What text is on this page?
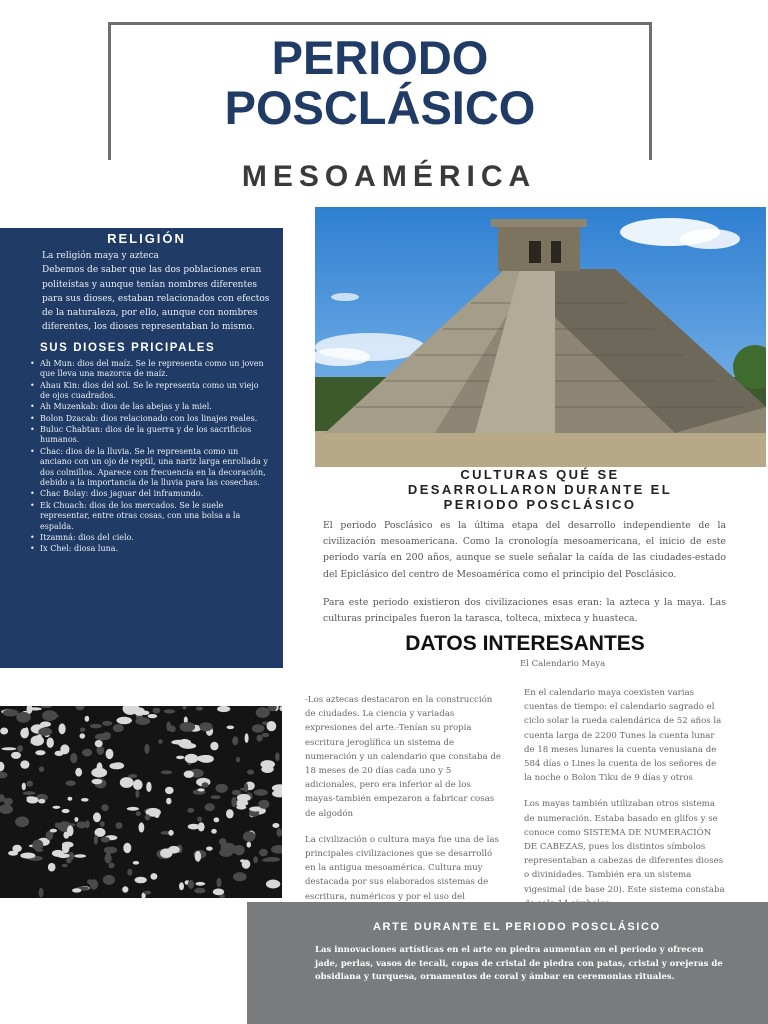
PERIODO
POSCLÁSICO
MESOAMÉRICA
RELIGIÓN
La religión maya y azteca
Debemos de saber que las dos poblaciones eran politeístas y aunque tenían nombres diferentes para sus dioses, estaban relacionados con efectos de la naturaleza, por ello, aunque con nombres diferentes, los dioses representaban lo mismo.
SUS DIOSES PRICIPALES
• Ah Mun: dios del maíz. Se le representa como un joven que lleva una mazorca de maíz.
• Ahau Kin: dios del sol. Se le representa como un viejo de ojos cuadrados.
• Ah Muzenkab: dios de las abejas y la miel.
• Bolon Dzacab: dios relacionado con los linajes reales.
• Buluc Chabtan: dios de la guerra y de los sacrificios humanos.
• Chac: dios de la lluvia. Se le representa como un anciano con un ojo de reptil, una nariz larga enrollada y dos colmillos. Aparece con frecuencia en la decoración, debido a la importancia de la lluvia para las cosechas.
• Chac Bolay: dios jaguar del inframundo.
• Ek Chuach: dios de los mercados. Se le suele representar, entre otras cosas, con una bolsa a la espalda.
• Itzamná: dios del cielo.
• Ix Chel: diosa luna.
CULTURAS QUÉ SE
DESARROLLARON DURANTE EL
PERIODO POSCLÁSICO

El periodo Posclásico es la última etapa del desarrollo independiente de la civilización mesoamericana. Como la cronología mesoamericana, el inicio de este periodo varía en 200 años, aunque se suele señalar la caída de las ciudades-estado del Epiclásico del centro de Mesoamérica como el principio del Posclásico.

Para este periodo existieron dos civilizaciones esas eran: la azteca y la maya. Las culturas principales fueron la tarasca, tolteca, mixteca y huasteca.

DATOS INTERESANTES
El Calendario Maya

-Los aztecas destacaron en la construcción de ciudades. La ciencia y variadas expresiones del arte.-Tenían su propia escritura jeroglífica un sistema de numeración y un calendario que constaba de 18 meses de 20 días cada uno y 5 adicionales, pero era inferior al de los mayas-también empezaron a fabricar cosas de algodón

La civilización o cultura maya fue una de las principales civilizaciones que se desarrolló en la antigua mesoamérica. Cultura muy destacada por sus elaborados sistemas de escritura, numéricos y por el uso del

En el calendario maya coexisten varias cuentas de tiempo: el calendario sagrado el ciclo solar la rueda calendárica de 52 años la cuenta larga de 2200 Tunes la cuenta lunar de 18 meses lunares la cuenta venusiana de 584 días o Lines la cuenta de los señores de la noche o Bolon Tiku de 9 días y otros

Los mayas también utilizaban otros sistema de numeración. Estaba basado en glifos y se conoce como SISTEMA DE NUMERACIÓN DE CABEZAS, pues los distintos símbolos representaban a cabezas de diferentes dioses o divinidades. También era un sistema vigesimal (de base 20). Este sistema constaba

ARTE DURANTE EL PERIODO POSCLÁSICO

Las innovaciones artísticas en el arte en piedra aumentan en el periodo y ofrecen jade, perlas, vasos de tecali, copas de cristal de piedra con patas, cristal y orejeras de obsidiana y turquesa, ornamentos de coral y ámbar en ceremonias rituales.
